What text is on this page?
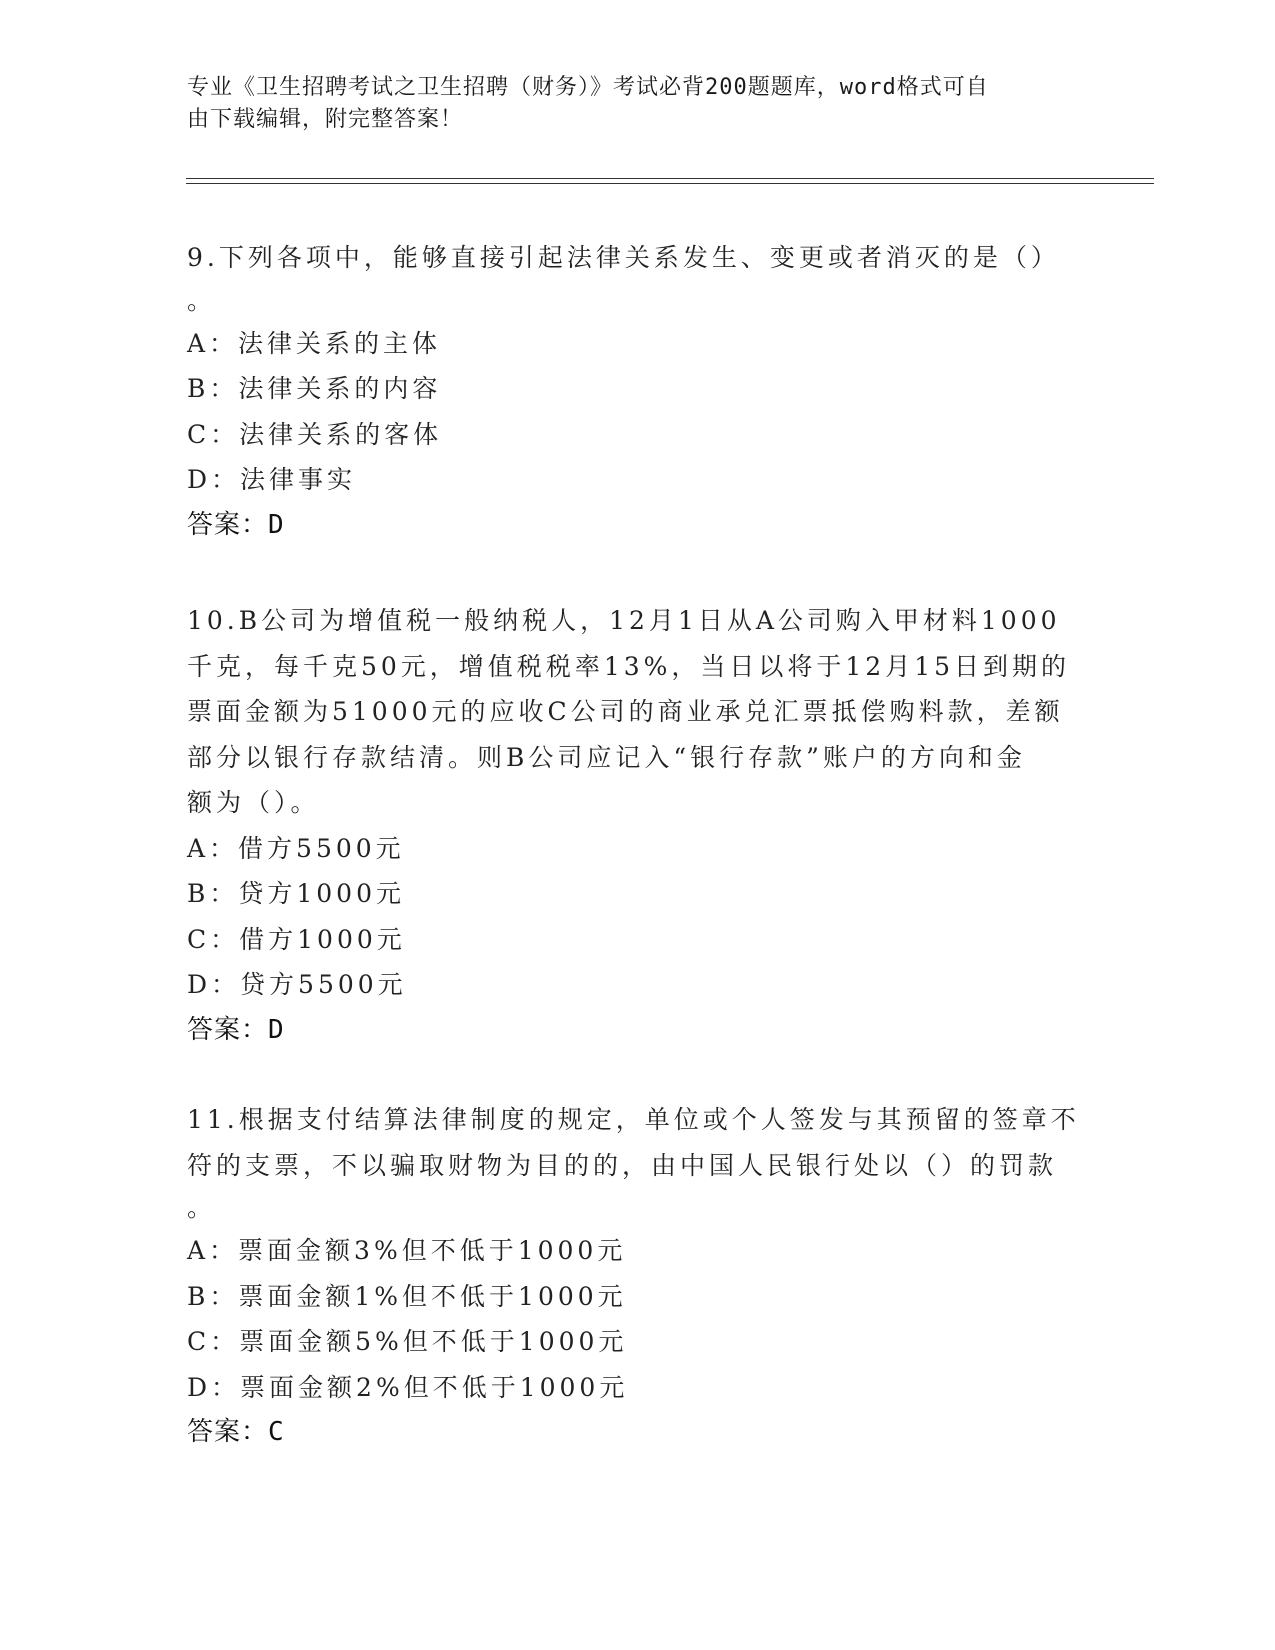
专业《卫生招聘考试之卫生招聘（财务）》考试必背200题题库，word格式可自
由下载编辑，附完整答案！
9.下列各项中，能够直接引起法律关系发生、变更或者消灭的是（）
。
A：法律关系的主体
B：法律关系的内容
C：法律关系的客体
D：法律事实
答案：D
10.B公司为增值税一般纳税人，12月1日从A公司购入甲材料1000
千克，每千克50元，增值税税率13%，当日以将于12月15日到期的
票面金额为51000元的应收C公司的商业承兑汇票抵偿购料款，差额
部分以银行存款结清。则B公司应记入“银行存款”账户的方向和金
额为（）。
A：借方5500元
B：贷方1000元
C：借方1000元
D：贷方5500元
答案：D
11.根据支付结算法律制度的规定，单位或个人签发与其预留的签章不
符的支票，不以骗取财物为目的的，由中国人民银行处以（）的罚款
。
A：票面金额3%但不低于1000元
B：票面金额1%但不低于1000元
C：票面金额5%但不低于1000元
D：票面金额2%但不低于1000元
答案：C
